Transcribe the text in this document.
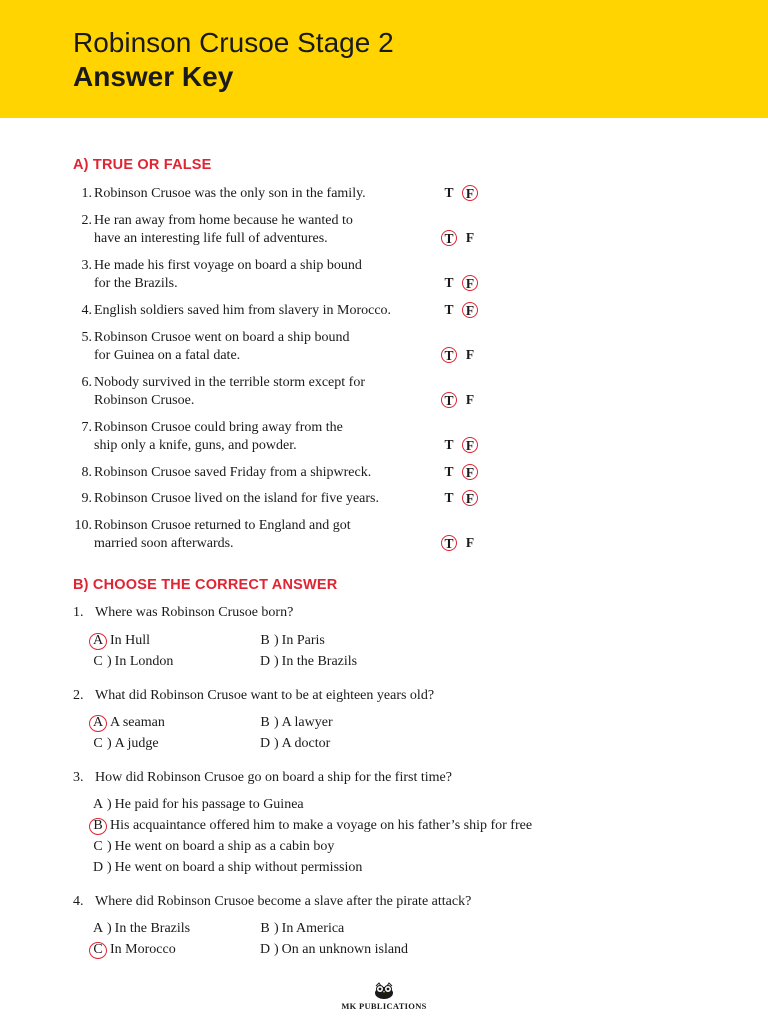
Robinson Crusoe Stage 2
Answer Key
A) TRUE OR FALSE
1. Robinson Crusoe was the only son in the family.	T F
2. He ran away from home because he wanted to
have an interesting life full of adventures.	T F
3. He made his first voyage on board a ship bound
for the Brazils.	T F
4. English soldiers saved him from slavery in Morocco.	T F
5. Robinson Crusoe went on board a ship bound
for Guinea on a fatal date.	T F
6. Nobody survived in the terrible storm except for
Robinson Crusoe.	T F
7. Robinson Crusoe could bring away from the
ship only a knife, guns, and powder.	T F
8. Robinson Crusoe saved Friday from a shipwreck.	T F
9. Robinson Crusoe lived on the island for five years.	T F
10. Robinson Crusoe returned to England and got
married soon afterwards.	T F
B) CHOOSE THE CORRECT ANSWER
1. Where was Robinson Crusoe born?
A In Hull	B ) In Paris
C ) In London	D ) In the Brazils
2. What did Robinson Crusoe want to be at eighteen years old?
A A seaman	B ) A lawyer
C ) A judge	D ) A doctor
3. How did Robinson Crusoe go on board a ship for the first time?
A ) He paid for his passage to Guinea
B His acquaintance offered him to make a voyage on his father’s ship for free
C ) He went on board a ship as a cabin boy
D ) He went on board a ship without permission
4. Where did Robinson Crusoe become a slave after the pirate attack?
A ) In the Brazils	B ) In America
C In Morocco	D ) On an unknown island
MK PUBLICATIONS
